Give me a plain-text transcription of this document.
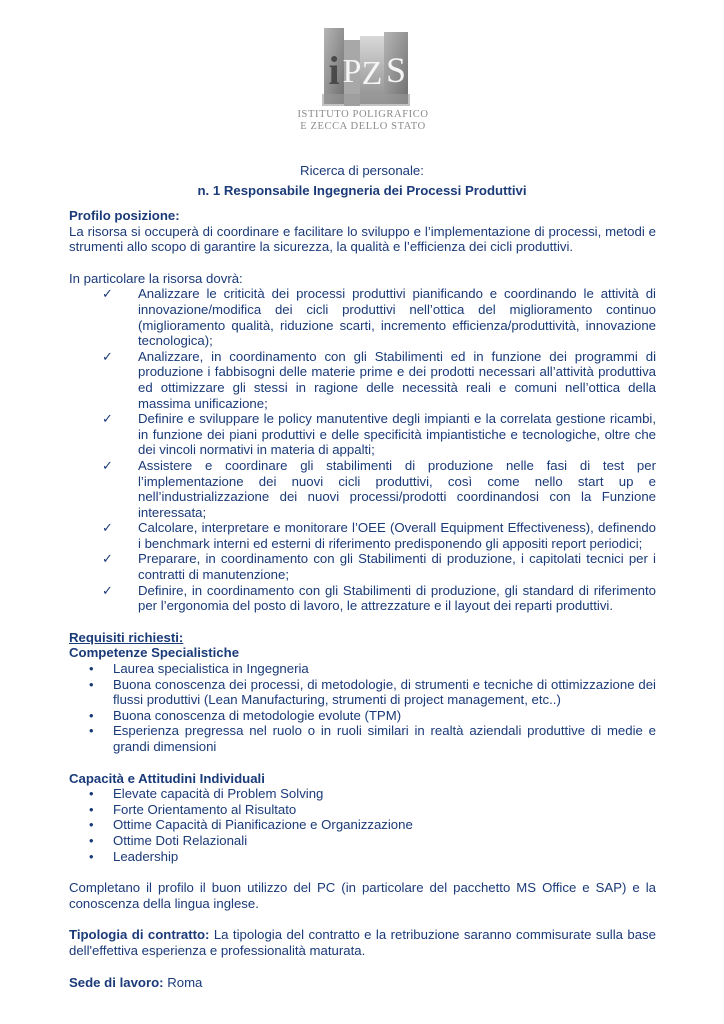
i P Z S
ISTITUTO POLIGRAFICO
E ZECCA DELLO STATO
Ricerca di personale:
n. 1 Responsabile Ingegneria dei Processi Produttivi

Profilo posizione:

La risorsa si occuperà di coordinare e facilitare lo sviluppo e l’implementazione di processi, metodi e strumenti allo scopo di garantire la sicurezza, la qualità e l’efficienza dei cicli produttivi.

In particolare la risorsa dovrà:

✓ Analizzare le criticità dei processi produttivi pianificando e coordinando le attività di innovazione/modifica dei cicli produttivi nell’ottica del miglioramento continuo (miglioramento qualità, riduzione scarti, incremento efficienza/produttività, innovazione tecnologica);
✓ Analizzare, in coordinamento con gli Stabilimenti ed in funzione dei programmi di produzione i fabbisogni delle materie prime e dei prodotti necessari all’attività produttiva ed ottimizzare gli stessi in ragione delle necessità reali e comuni nell’ottica della massima unificazione;
✓ Definire e sviluppare le policy manutentive degli impianti e la correlata gestione ricambi, in funzione dei piani produttivi e delle specificità impiantistiche e tecnologiche, oltre che dei vincoli normativi in materia di appalti;
✓ Assistere e coordinare gli stabilimenti di produzione nelle fasi di test per l’implementazione dei nuovi cicli produttivi, così come nello start up e nell’industrializzazione dei nuovi processi/prodotti coordinandosi con la Funzione interessata;
✓ Calcolare, interpretare e monitorare l’OEE (Overall Equipment Effectiveness), definendo i benchmark interni ed esterni di riferimento predisponendo gli appositi report periodici;
✓ Preparare, in coordinamento con gli Stabilimenti di produzione, i capitolati tecnici per i contratti di manutenzione;
✓ Definire, in coordinamento con gli Stabilimenti di produzione, gli standard di riferimento per l’ergonomia del posto di lavoro, le attrezzature e il layout dei reparti produttivi.

Requisiti richiesti:

Competenze Specialistiche

• Laurea specialistica in Ingegneria
• Buona conoscenza dei processi, di metodologie, di strumenti e tecniche di ottimizzazione dei flussi produttivi (Lean Manufacturing, strumenti di project management, etc..)
• Buona conoscenza di metodologie evolute (TPM)
• Esperienza pregressa nel ruolo o in ruoli similari in realtà aziendali produttive di medie e grandi dimensioni

Capacità e Attitudini Individuali

• Elevate capacità di Problem Solving
• Forte Orientamento al Risultato
• Ottime Capacità di Pianificazione e Organizzazione
• Ottime Doti Relazionali
• Leadership

Completano il profilo il buon utilizzo del PC (in particolare del pacchetto MS Office e SAP) e la conoscenza della lingua inglese.

Tipologia di contratto: La tipologia del contratto e la retribuzione saranno commisurate sulla base dell'effettiva esperienza e professionalità maturata.

Sede di lavoro: Roma
